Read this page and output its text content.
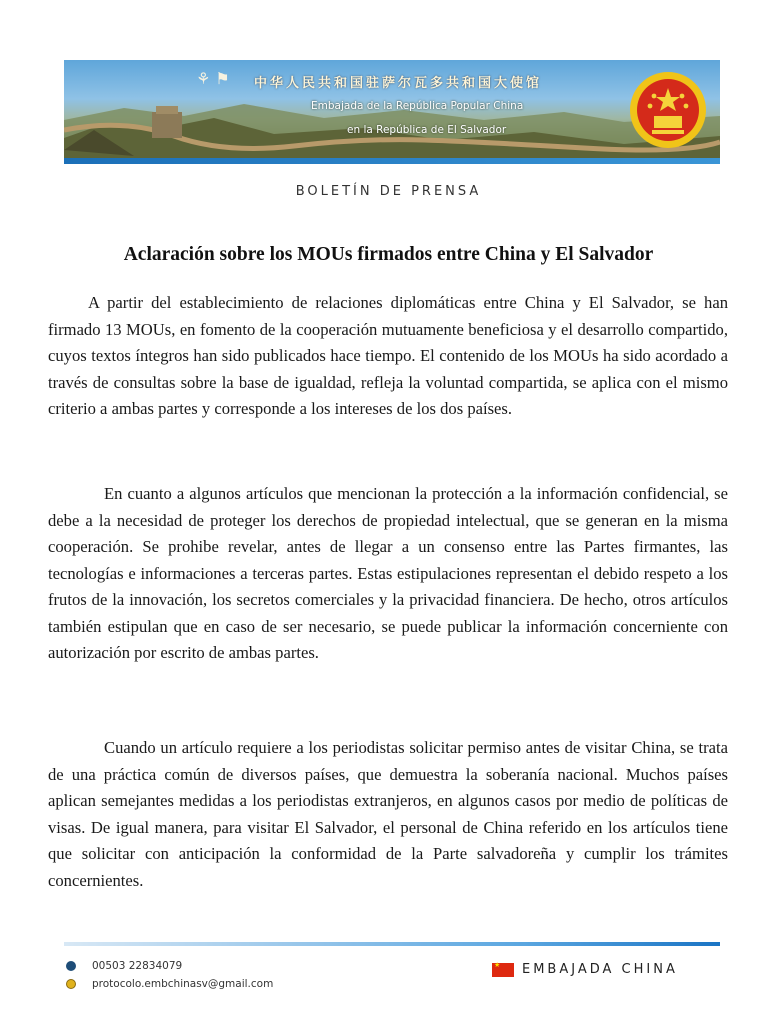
⚘ ⚑ 中华人民共和国驻萨尔瓦多共和国大使馆
Embajada de la República Popular China
en la República de El Salvador
BOLETÍN DE PRENSA
Aclaración sobre los MOUs firmados entre China y El Salvador
A partir del establecimiento de relaciones diplomáticas entre China y El Salvador, se han firmado 13 MOUs, en fomento de la cooperación mutuamente beneficiosa y el desarrollo compartido, cuyos textos íntegros han sido publicados hace tiempo. El contenido de los MOUs ha sido acordado a través de consultas sobre la base de igualdad, refleja la voluntad compartida, se aplica con el mismo criterio a ambas partes y corresponde a los intereses de los dos países.
En cuanto a algunos artículos que mencionan la protección a la información confidencial, se debe a la necesidad de proteger los derechos de propiedad intelectual, que se generan en la misma cooperación. Se prohibe revelar, antes de llegar a un consenso entre las Partes firmantes, las tecnologías e informaciones a terceras partes. Estas estipulaciones representan el debido respeto a los frutos de la innovación, los secretos comerciales y la privacidad financiera. De hecho, otros artículos también estipulan que en caso de ser necesario, se puede publicar la información concerniente con autorización por escrito de ambas partes.
Cuando un artículo requiere a los periodistas solicitar permiso antes de visitar China, se trata de una práctica común de diversos países, que demuestra la soberanía nacional. Muchos países aplican semejantes medidas a los periodistas extranjeros, en algunos casos por medio de políticas de visas. De igual manera, para visitar El Salvador, el personal de China referido en los artículos tiene que solicitar con anticipación la conformidad de la Parte salvadoreña y cumplir los trámites concernientes.
00503 22834079
protocolo.embchinasv@gmail.com
★
EMBAJADA CHINA
